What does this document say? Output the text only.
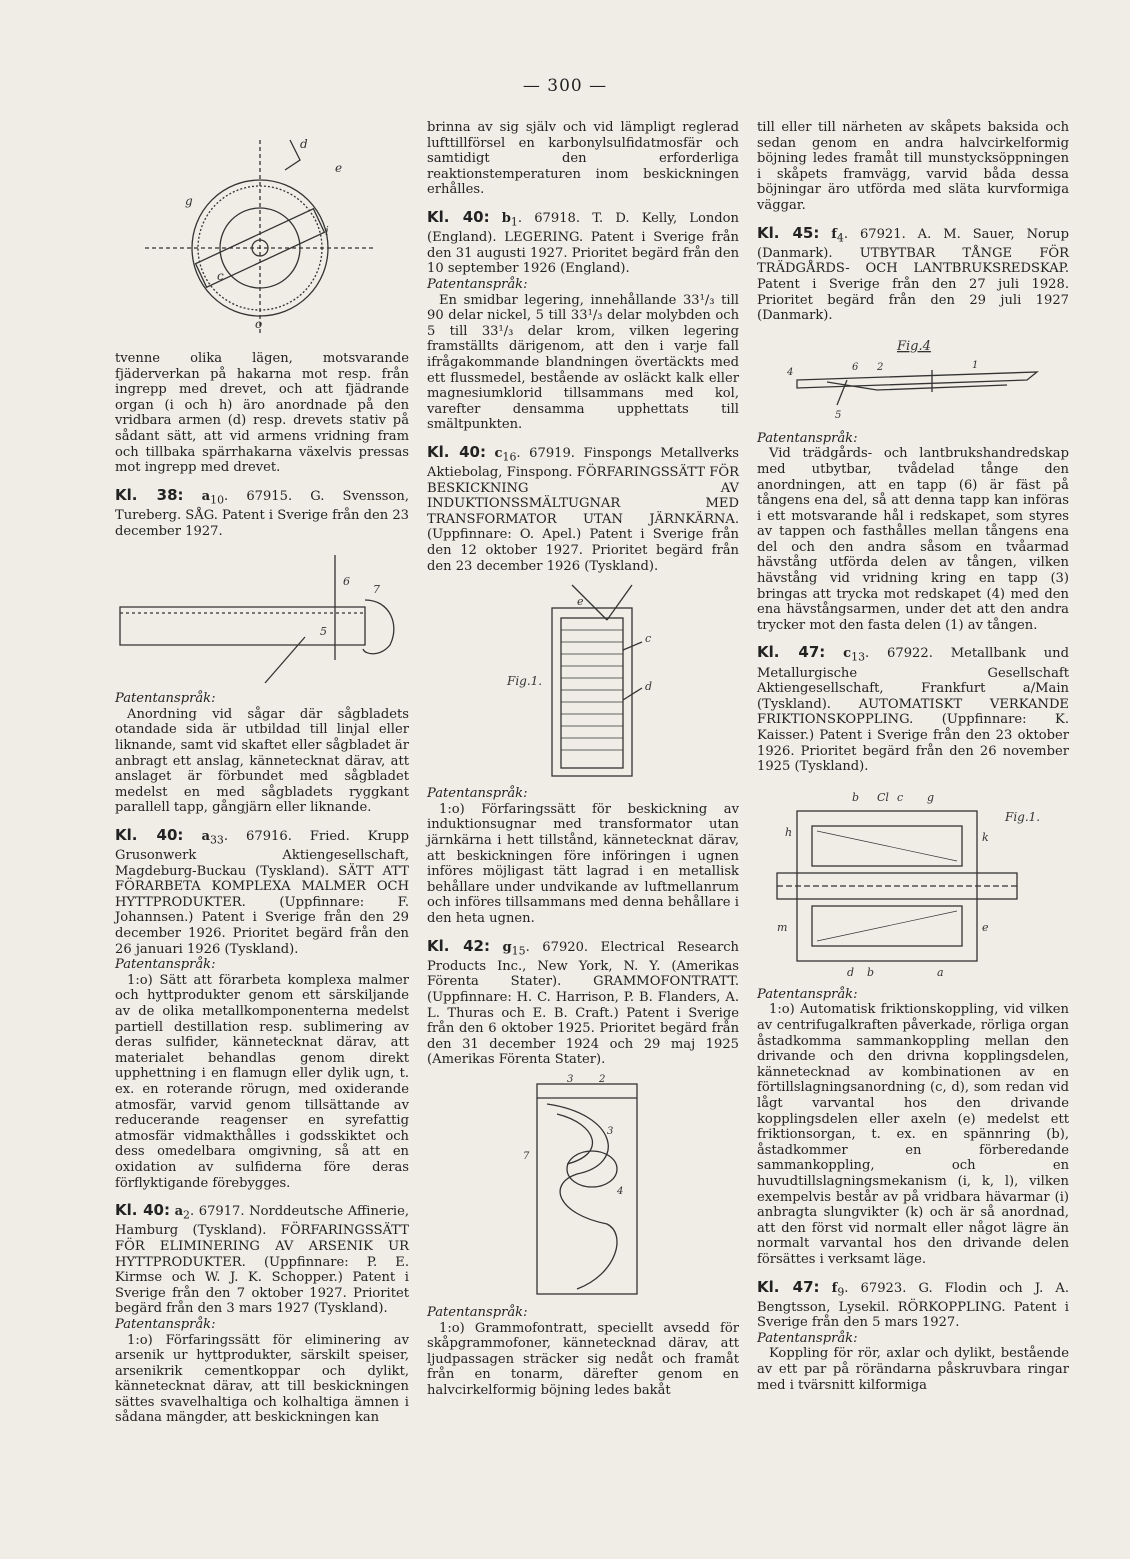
— 300 —
d
e
g
c
i
o

tvenne olika lägen, motsvarande fjäderverkan på hakarna mot resp. från ingrepp med drevet, och att fjädrande organ (i och h) äro anordnade på den vridbara armen (d) resp. drevets stativ på sådant sätt, att vid armens vridning fram och tillbaka spärrhakarna växelvis pressas mot ingrepp med drevet.

Kl. 38: $a_{10}$. 67915. G. Svensson, Tureberg. SÅG. Patent i Sverige från den 23 december 1927.

6
7
5

Patentanspråk:

Anordning vid sågar där sågbladets otandade sida är utbildad till linjal eller liknande, samt vid skaftet eller sågbladet är anbragt ett anslag, kännetecknat därav, att anslaget är förbundet med sågbladet medelst en med sågbladets ryggkant parallell tapp, gångjärn eller liknande.

Kl. 40: $a_{33}$. 67916. Fried. Krupp Grusonwerk Aktiengesellschaft, Magdeburg-Buckau (Tyskland). SÄTT ATT FÖRARBETA KOMPLEXA MALMER OCH HYTTPRODUKTER. (Uppfinnare: F. Johannsen.) Patent i Sverige från den 29 december 1926. Prioritet begärd från den 26 januari 1926 (Tyskland).

Patentanspråk:

1:o) Sätt att förarbeta komplexa malmer och hyttprodukter genom ett särskiljande av de olika metallkomponenterna medelst partiell destillation resp. sublimering av deras sulfider, kännetecknat därav, att materialet behandlas genom direkt upphettning i en flamugn eller dylik ugn, t. ex. en roterande rörugn, med oxiderande atmosfär, varvid genom tillsättande av reducerande reagenser en syrefattig atmosfär vidmakthålles i godsskiktet och dess omedelbara omgivning, så att en oxidation av sulfiderna före deras förflyktigande förebygges.

Kl. 40: $a_2$. 67917. Norddeutsche Affinerie, Hamburg (Tyskland). FÖRFARINGSSÄTT FÖR ELIMINERING AV ARSENIK UR HYTTPRODUKTER. (Uppfinnare: P. E. Kirmse och W. J. K. Schopper.) Patent i Sverige från den 7 oktober 1927. Prioritet begärd från den 3 mars 1927 (Tyskland).

Patentanspråk:

1:o) Förfaringssätt för eliminering av arsenik ur hyttprodukter, särskilt speiser, arsenikrik cementkoppar och dylikt, kännetecknat därav, att till beskickningen sättes svavelhaltiga och kolhaltiga ämnen i sådana mängder, att beskickningen kan

brinna av sig själv och vid lämpligt reglerad lufttillförsel en karbonylsulfidatmosfär och samtidigt den erforderliga reaktionstemperaturen inom beskickningen erhålles.

Kl. 40: $b_1$. 67918. T. D. Kelly, London (England). LEGERING. Patent i Sverige från den 31 augusti 1927. Prioritet begärd från den 10 september 1926 (England).

Patentanspråk:

En smidbar legering, innehållande 33¹/₃ till 90 delar nickel, 5 till 33¹/₃ delar molybden och 5 till 33¹/₃ delar krom, vilken legering framställts därigenom, att den i varje fall ifrågakommande blandningen övertäckts med ett flussmedel, bestående av osläckt kalk eller magnesiumklorid tillsammans med kol, varefter densamma upphettats till smältpunkten.

Kl. 40: $c_{16}$. 67919. Finspongs Metallverks Aktiebolag, Finspong. FÖRFARINGSSÄTT FÖR BESKICKNING AV INDUKTIONSSMÄLTUGNAR MED TRANSFORMATOR UTAN JÄRNKÄRNA. (Uppfinnare: O. Apel.) Patent i Sverige från den 12 oktober 1927. Prioritet begärd från den 23 december 1926 (Tyskland).

Fig.1.
e
c
d

Patentanspråk:

1:o) Förfaringssätt för beskickning av induktionsugnar med transformator utan järnkärna i hett tillstånd, kännetecknat därav, att beskickningen före införingen i ugnen införes möjligast tätt lagrad i en metallisk behållare under undvikande av luftmellanrum och införes tillsammans med denna behållare i den heta ugnen.

Kl. 42: $g_{15}$. 67920. Electrical Research Products Inc., New York, N. Y. (Amerikas Förenta Stater). GRAMMOFONTRATT. (Uppfinnare: H. C. Harrison, P. B. Flanders, A. L. Thuras och E. B. Craft.) Patent i Sverige från den 6 oktober 1925. Prioritet begärd från den 31 december 1924 och 29 maj 1925 (Amerikas Förenta Stater).

3	2
7
4
3

Patentanspråk:

1:o) Grammofontratt, speciellt avsedd för skåpgrammofoner, kännetecknad därav, att ljudpassagen sträcker sig nedåt och framåt från en tonarm, därefter genom en halvcirkelformig böjning ledes bakåt

till eller till närheten av skåpets baksida och sedan genom en andra halvcirkelformig böjning ledes framåt till munstycksöppningen i skåpets framvägg, varvid båda dessa böjningar äro utförda med släta kurvformiga väggar.

Kl. 45: $f_4$. 67921. A. M. Sauer, Norup (Danmark). UTBYTBAR TÅNGE FÖR TRÄDGÅRDS- OCH LANTBRUKSREDSKAP. Patent i Sverige från den 27 juli 1928. Prioritet begärd från den 29 juli 1927 (Danmark).

Fig.4
4	6 2	1
5

Patentanspråk:

Vid trädgårds- och lantbrukshandredskap med utbytbar, tvådelad tånge den anordningen, att en tapp (6) är fäst på tångens ena del, så att denna tapp kan införas i ett motsvarande hål i redskapet, som styres av tappen och fasthålles mellan tångens ena del och den andra såsom en tvåarmad hävstång utförda delen av tången, vilken hävstång vid vridning kring en tapp (3) bringas att trycka mot redskapet (4) med den ena hävstångsarmen, under det att den andra trycker mot den fasta delen (1) av tången.

Kl. 47: $c_{13}$. 67922. Metallbank und Metallurgische Gesellschaft Aktiengesellschaft, Frankfurt a/Main (Tyskland). AUTOMATISKT VERKANDE FRIKTIONSKOPPLING. (Uppfinnare: K. Kaisser.) Patent i Sverige från den 23 oktober 1926. Prioritet begärd från den 26 november 1925 (Tyskland).

Fig.1.
b Cl c g
h	k
e
m
d b	a

Patentanspråk:

1:o) Automatisk friktionskoppling, vid vilken av centrifugalkraften påverkade, rörliga organ åstadkomma sammankoppling mellan den drivande och den drivna kopplingsdelen, kännetecknad av kombinationen av en förtillslagningsanordning (c, d), som redan vid lågt varvantal hos den drivande kopplingsdelen eller axeln (e) medelst ett friktionsorgan, t. ex. en spännring (b), åstadkommer en förberedande sammankoppling, och en huvudtillslagningsmekanism (i, k, l), vilken exempelvis består av på vridbara hävarmar (i) anbragta slungvikter (k) och är så anordnad, att den först vid normalt eller något lägre än normalt varvantal hos den drivande delen försättes i verksamt läge.

Kl. 47: $f_9$. 67923. G. Flodin och J. A. Bengtsson, Lysekil. RÖRKOPPLING. Patent i Sverige från den 5 mars 1927.

Patentanspråk:

Koppling för rör, axlar och dylikt, bestående av ett par på rörändarna påskruvbara ringar med i tvärsnitt kilformiga
